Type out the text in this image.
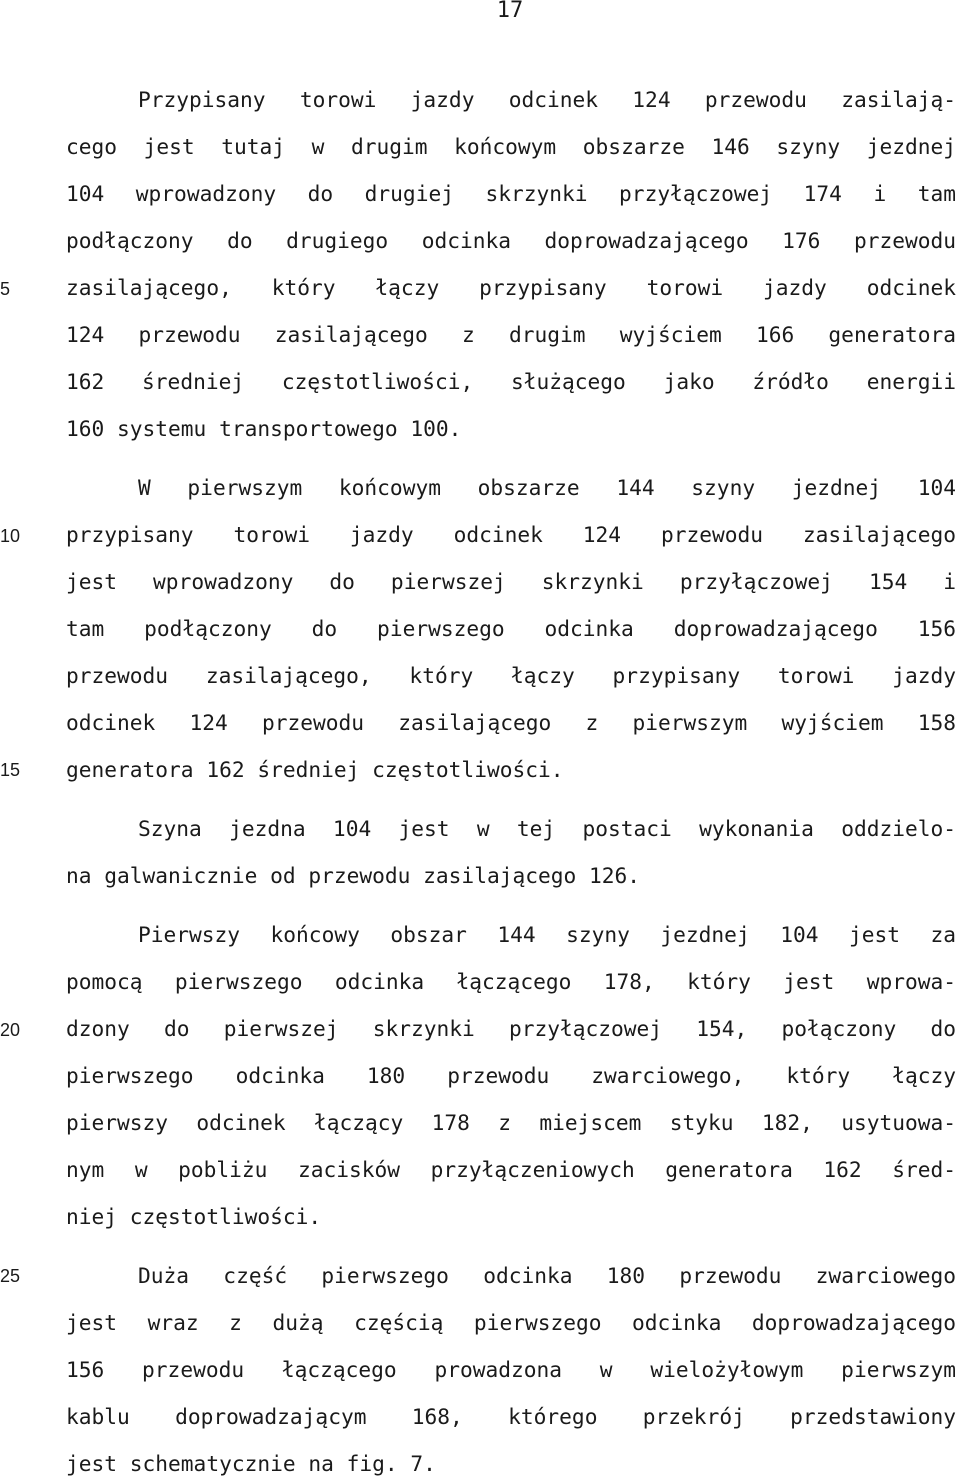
17
5
10
15
20
25
Przypisany torowi jazdy odcinek 124 przewodu zasilają-
cego jest tutaj w drugim końcowym obszarze 146 szyny jezdnej
104 wprowadzony do drugiej skrzynki przyłączowej 174 i tam
podłączony do drugiego odcinka doprowadzającego 176 przewodu
zasilającego, który łączy przypisany torowi jazdy odcinek
124 przewodu zasilającego z drugim wyjściem 166 generatora
162 średniej częstotliwości, służącego jako źródło energii
160 systemu transportowego 100.
W pierwszym końcowym obszarze 144 szyny jezdnej 104
przypisany torowi jazdy odcinek 124 przewodu zasilającego
jest wprowadzony do pierwszej skrzynki przyłączowej 154 i
tam podłączony do pierwszego odcinka doprowadzającego 156
przewodu zasilającego, który łączy przypisany torowi jazdy
odcinek 124 przewodu zasilającego z pierwszym wyjściem 158
generatora 162 średniej częstotliwości.
Szyna jezdna 104 jest w tej postaci wykonania oddzielo-
na galwanicznie od przewodu zasilającego 126.
Pierwszy końcowy obszar 144 szyny jezdnej 104 jest za
pomocą pierwszego odcinka łączącego 178, który jest wprowa-
dzony do pierwszej skrzynki przyłączowej 154, połączony do
pierwszego odcinka 180 przewodu zwarciowego, który łączy
pierwszy odcinek łączący 178 z miejscem styku 182, usytuowa-
nym w pobliżu zacisków przyłączeniowych generatora 162 śred-
niej częstotliwości.
Duża część pierwszego odcinka 180 przewodu zwarciowego
jest wraz z dużą częścią pierwszego odcinka doprowadzającego
156 przewodu łączącego prowadzona w wielożyłowym pierwszym
kablu doprowadzającym 168, którego przekrój przedstawiony
jest schematycznie na fig. 7.
